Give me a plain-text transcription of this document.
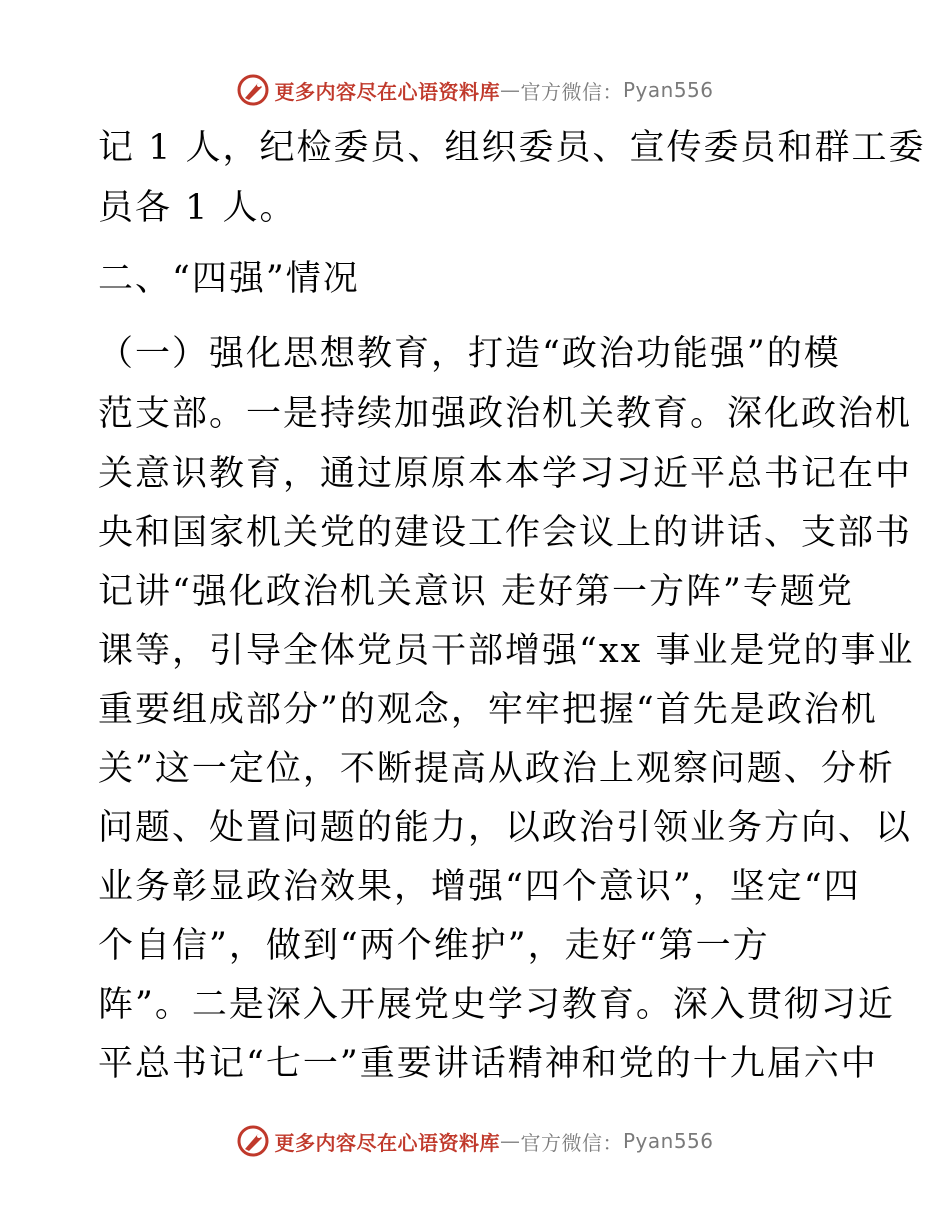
更多内容尽在心语资料库 — 官方微信： Pyan556
记 1 人，纪检委员、组织委员、宣传委员和群工委
员各 1 人。
二、“四强”情况
（一）强化思想教育，打造“政治功能强”的模
范支部。一是持续加强政治机关教育。深化政治机
关意识教育，通过原原本本学习习近平总书记在中
央和国家机关党的建设工作会议上的讲话、支部书
记讲“强化政治机关意识 走好第一方阵”专题党
课等，引导全体党员干部增强“xx 事业是党的事业
重要组成部分”的观念，牢牢把握“首先是政治机
关”这一定位，不断提高从政治上观察问题、分析
问题、处置问题的能力，以政治引领业务方向、以
业务彰显政治效果，增强“四个意识”，坚定“四
个自信”，做到“两个维护”，走好“第一方
阵”。二是深入开展党史学习教育。深入贯彻习近
平总书记“七一”重要讲话精神和党的十九届六中
更多内容尽在心语资料库 — 官方微信： Pyan556
